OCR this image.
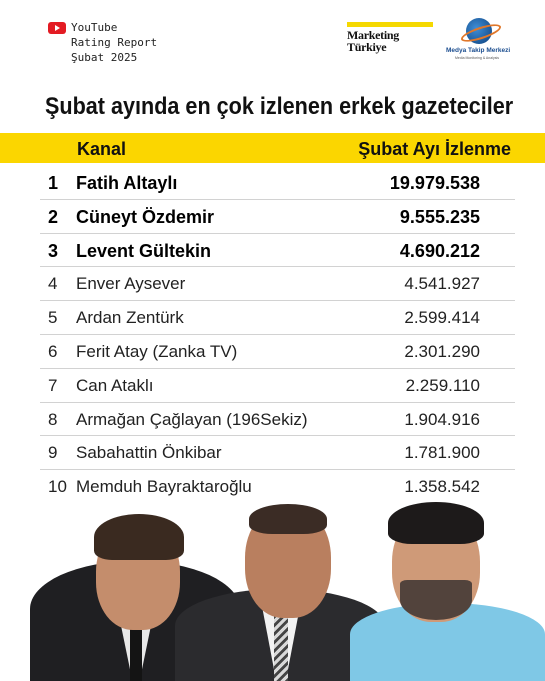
YouTube
Rating Report
Şubat 2025
Marketing
Türkiye	Medya Takip Merkezi
Media Monitoring & Analysis
Şubat ayında en çok izlenen erkek gazeteciler
Kanal	Şubat Ayı İzlenme
1 Fatih Altaylı	19.979.538
2 Cüneyt Özdemir	9.555.235
3 Levent Gültekin	4.690.212
4	Enver Aysever	4.541.927
5	Ardan Zentürk	2.599.414
6	Ferit Atay (Zanka TV)	2.301.290
7	Can Ataklı	2.259.110
8	Armağan Çağlayan (196Sekiz)	1.904.916
9	Sabahattin Önkibar	1.781.900
10 Memduh Bayraktaroğlu	1.358.542
